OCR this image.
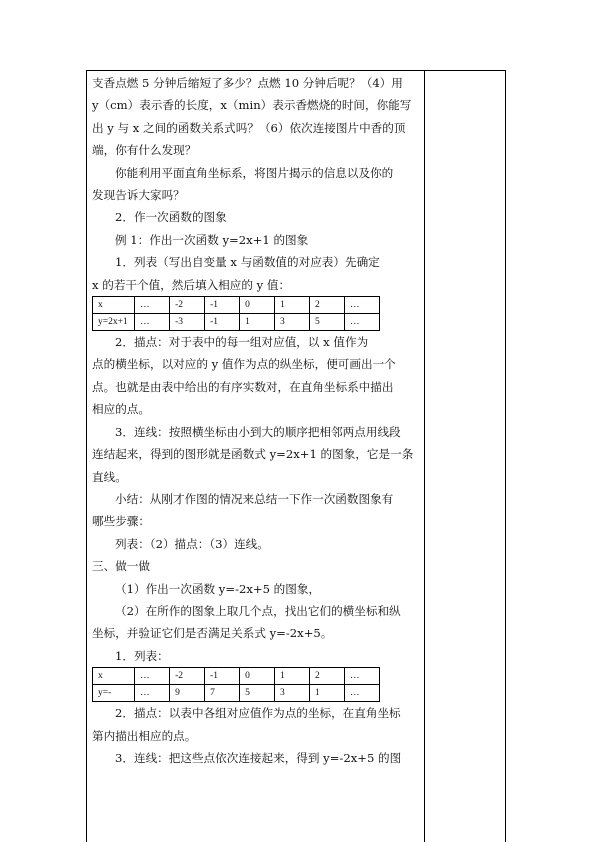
支香点燃 5 分钟后缩短了多少？点燃 10 分钟后呢？（4）用

y（cm）表示香的长度，x（min）表示香燃烧的时间，你能写

出 y 与 x 之间的函数关系式吗？（6）依次连接图片中香的顶

端，你有什么发现？

你能利用平面直角坐标系，将图片揭示的信息以及你的

发现告诉大家吗？

2．作一次函数的图象

例 1：作出一次函数 y=2x+1 的图象

1．列表（写出自变量 x 与函数值的对应表）先确定

x 的若干个值，然后填入相应的 y 值：

x	…	-2	-1	0	1	2	…
y=2x+1	…	-3	-1	1	3	5	…

2．描点：对于表中的每一组对应值，以 x 值作为

点的横坐标，以对应的 y 值作为点的纵坐标，便可画出一个

点。也就是由表中给出的有序实数对，在直角坐标系中描出

相应的点。

3．连线：按照横坐标由小到大的顺序把相邻两点用线段

连结起来，得到的图形就是函数式 y=2x+1 的图象，它是一条

直线。

小结：从刚才作图的情况来总结一下作一次函数图象有

哪些步骤：

列表：（2）描点：（3）连线。

三、做一做

（1）作出一次函数 y=-2x+5 的图象，

（2）在所作的图象上取几个点，找出它们的横坐标和纵

坐标，并验证它们是否满足关系式 y=-2x+5。

1．列表：

x	…	-2	-1	0	1	2	…
y=-	…	9	7	5	3	1	…

2．描点：以表中各组对应值作为点的坐标，在直角坐标

第内描出相应的点。

3．连线：把这些点依次连接起来，得到 y=-2x+5 的图
